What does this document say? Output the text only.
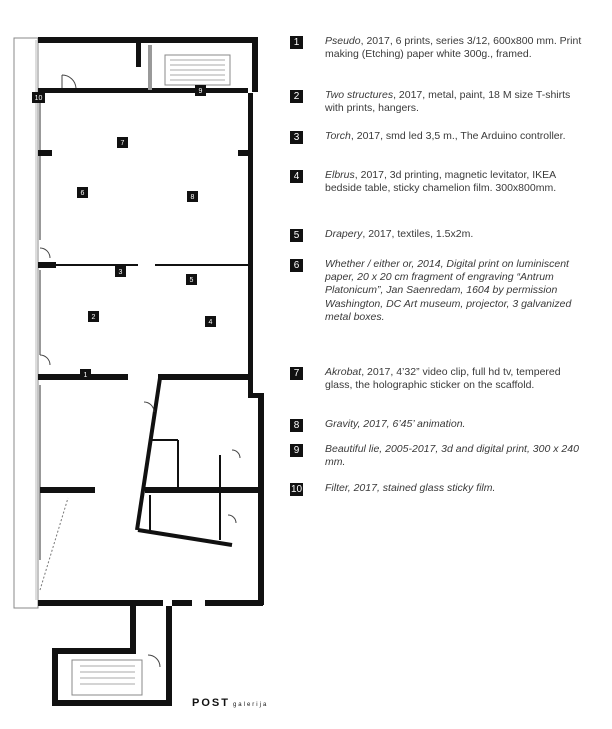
7
6
8
3
5
2
4
1
9
10
1	Pseudo, 2017, 6 prints, series 3/12, 600x800 mm. Print making (Etching) paper white 300g., framed.
2	Two structures, 2017, metal, paint, 18 M size T-shirts with prints, hangers.
3	Torch, 2017, smd led 3,5 m., The Arduino controller.
4	Elbrus, 2017, 3d printing, magnetic levitator, IKEA bedside table, sticky chamelion film. 300x800mm.
5	Drapery, 2017, textiles, 1.5x2m.
6	Whether / either or, 2014, Digital print on luminiscent paper, 20 x 20 cm fragment of engraving “Antrum Platonicum”, Jan Saenredam, 1604 by permission Washington, DC Art museum, projector, 3 galvanized metal boxes.
7	Akrobat, 2017, 4’32” video clip, full hd tv, tempered glass, the holographic sticker on the scaffold.
8	Gravity, 2017, 6’45’ animation.
9	Beautiful lie, 2005-2017, 3d and digital print, 300 x 240 mm.
10 Filter, 2017, stained glass sticky film.
POST galerija
